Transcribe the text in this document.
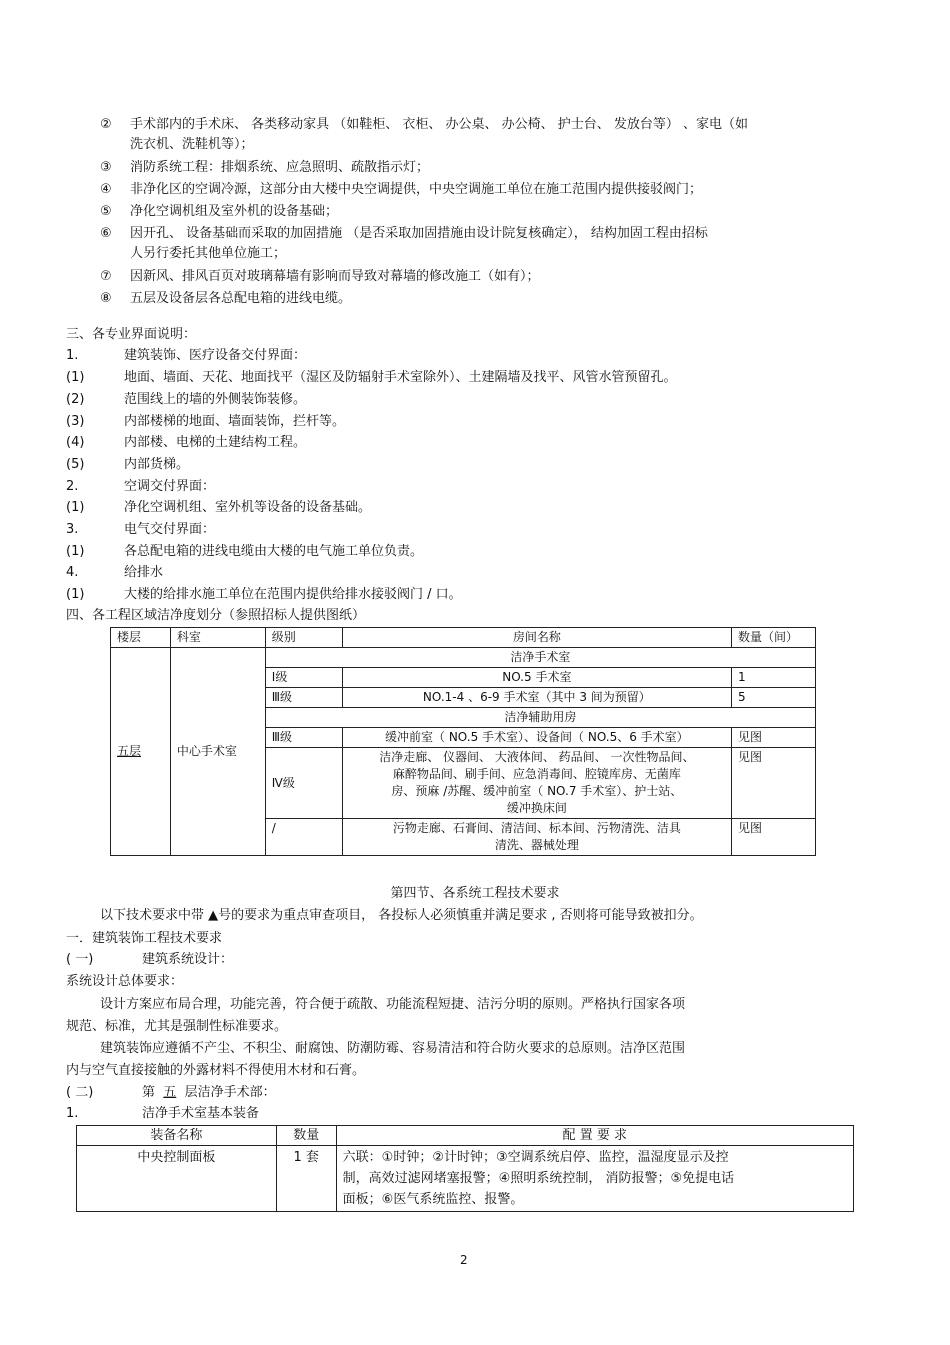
② 手术部内的手术床、 各类移动家具 （如鞋柜、 衣柜、 办公桌、 办公椅、 护士台、 发放台等） 、家电（如
洗衣机、洗鞋机等）；
③ 消防系统工程：排烟系统、应急照明、疏散指示灯；
④ 非净化区的空调冷源，这部分由大楼中央空调提供，中央空调施工单位在施工范围内提供接驳阀门；
⑤ 净化空调机组及室外机的设备基础；
⑥ 因开孔、 设备基础而采取的加固措施 （是否采取加固措施由设计院复核确定）， 结构加固工程由招标
人另行委托其他单位施工；
⑦ 因新风、排风百页对玻璃幕墙有影响而导致对幕墙的修改施工（如有）；
⑧ 五层及设备层各总配电箱的进线电缆。
三、各专业界面说明：
1.	建筑装饰、医疗设备交付界面：
(1)	地面、墙面、天花、地面找平（湿区及防辐射手术室除外）、土建隔墙及找平、风管水管预留孔。
(2)	范围线上的墙的外侧装饰装修。
(3)	内部楼梯的地面、墙面装饰，拦杆等。
(4)	内部楼、电梯的土建结构工程。
(5)	内部货梯。
2.	空调交付界面：
(1)	净化空调机组、室外机等设备的设备基础。
3.	电气交付界面：
(1)	各总配电箱的进线电缆由大楼的电气施工单位负责。
4.	给排水
(1)	大楼的给排水施工单位在范围内提供给排水接驳阀门 / 口。
四、各工程区域洁净度划分（参照招标人提供图纸）
楼层	科室	级别	房间名称	数量（间）
五层	中心手术室	洁净手术室		
		Ⅰ级	NO.5 手术室	1
		Ⅲ级	NO.1-4 、6-9 手术室（其中 3 间为预留）	5
		洁净辅助用房		
		Ⅲ级	缓冲前室（ NO.5 手术室）、设备间（ NO.5、6 手术室）	见图
		Ⅳ级	洁净走廊、 仪器间、 大液体间、 药品间、 一次性物品间、
麻醉物品间、刷手间、应急消毒间、腔镜库房、无菌库
房、预麻 /苏醒、缓冲前室（ NO.7 手术室）、护士站、
缓冲换床间	见图
		/	污物走廊、石膏间、清洁间、标本间、污物清洗、洁具
清洗、器械处理	见图
第四节、各系统工程技术要求
以下技术要求中带 ▲号的要求为重点审查项目， 各投标人必须慎重并满足要求 , 否则将可能导致被扣分。
一．建筑装饰工程技术要求
( 一)	建筑系统设计：
系统设计总体要求：
设计方案应布局合理，功能完善，符合便于疏散、功能流程短捷、洁污分明的原则。严格执行国家各项
规范、标准，尤其是强制性标准要求。
建筑装饰应遵循不产尘、不积尘、耐腐蚀、防潮防霉、容易清洁和符合防火要求的总原则。洁净区范围
内与空气直接接触的外露材料不得使用木材和石膏。
( 二)	第 五 层洁净手术部：
1.	洁净手术室基本装备
装备名称	数量	配 置 要 求
中央控制面板	1 套	六联：①时钟；②计时钟；③空调系统启停、监控，温湿度显示及控
制，高效过滤网堵塞报警；④照明系统控制， 消防报警；⑤免提电话
面板；⑥医气系统监控、报警。
2
